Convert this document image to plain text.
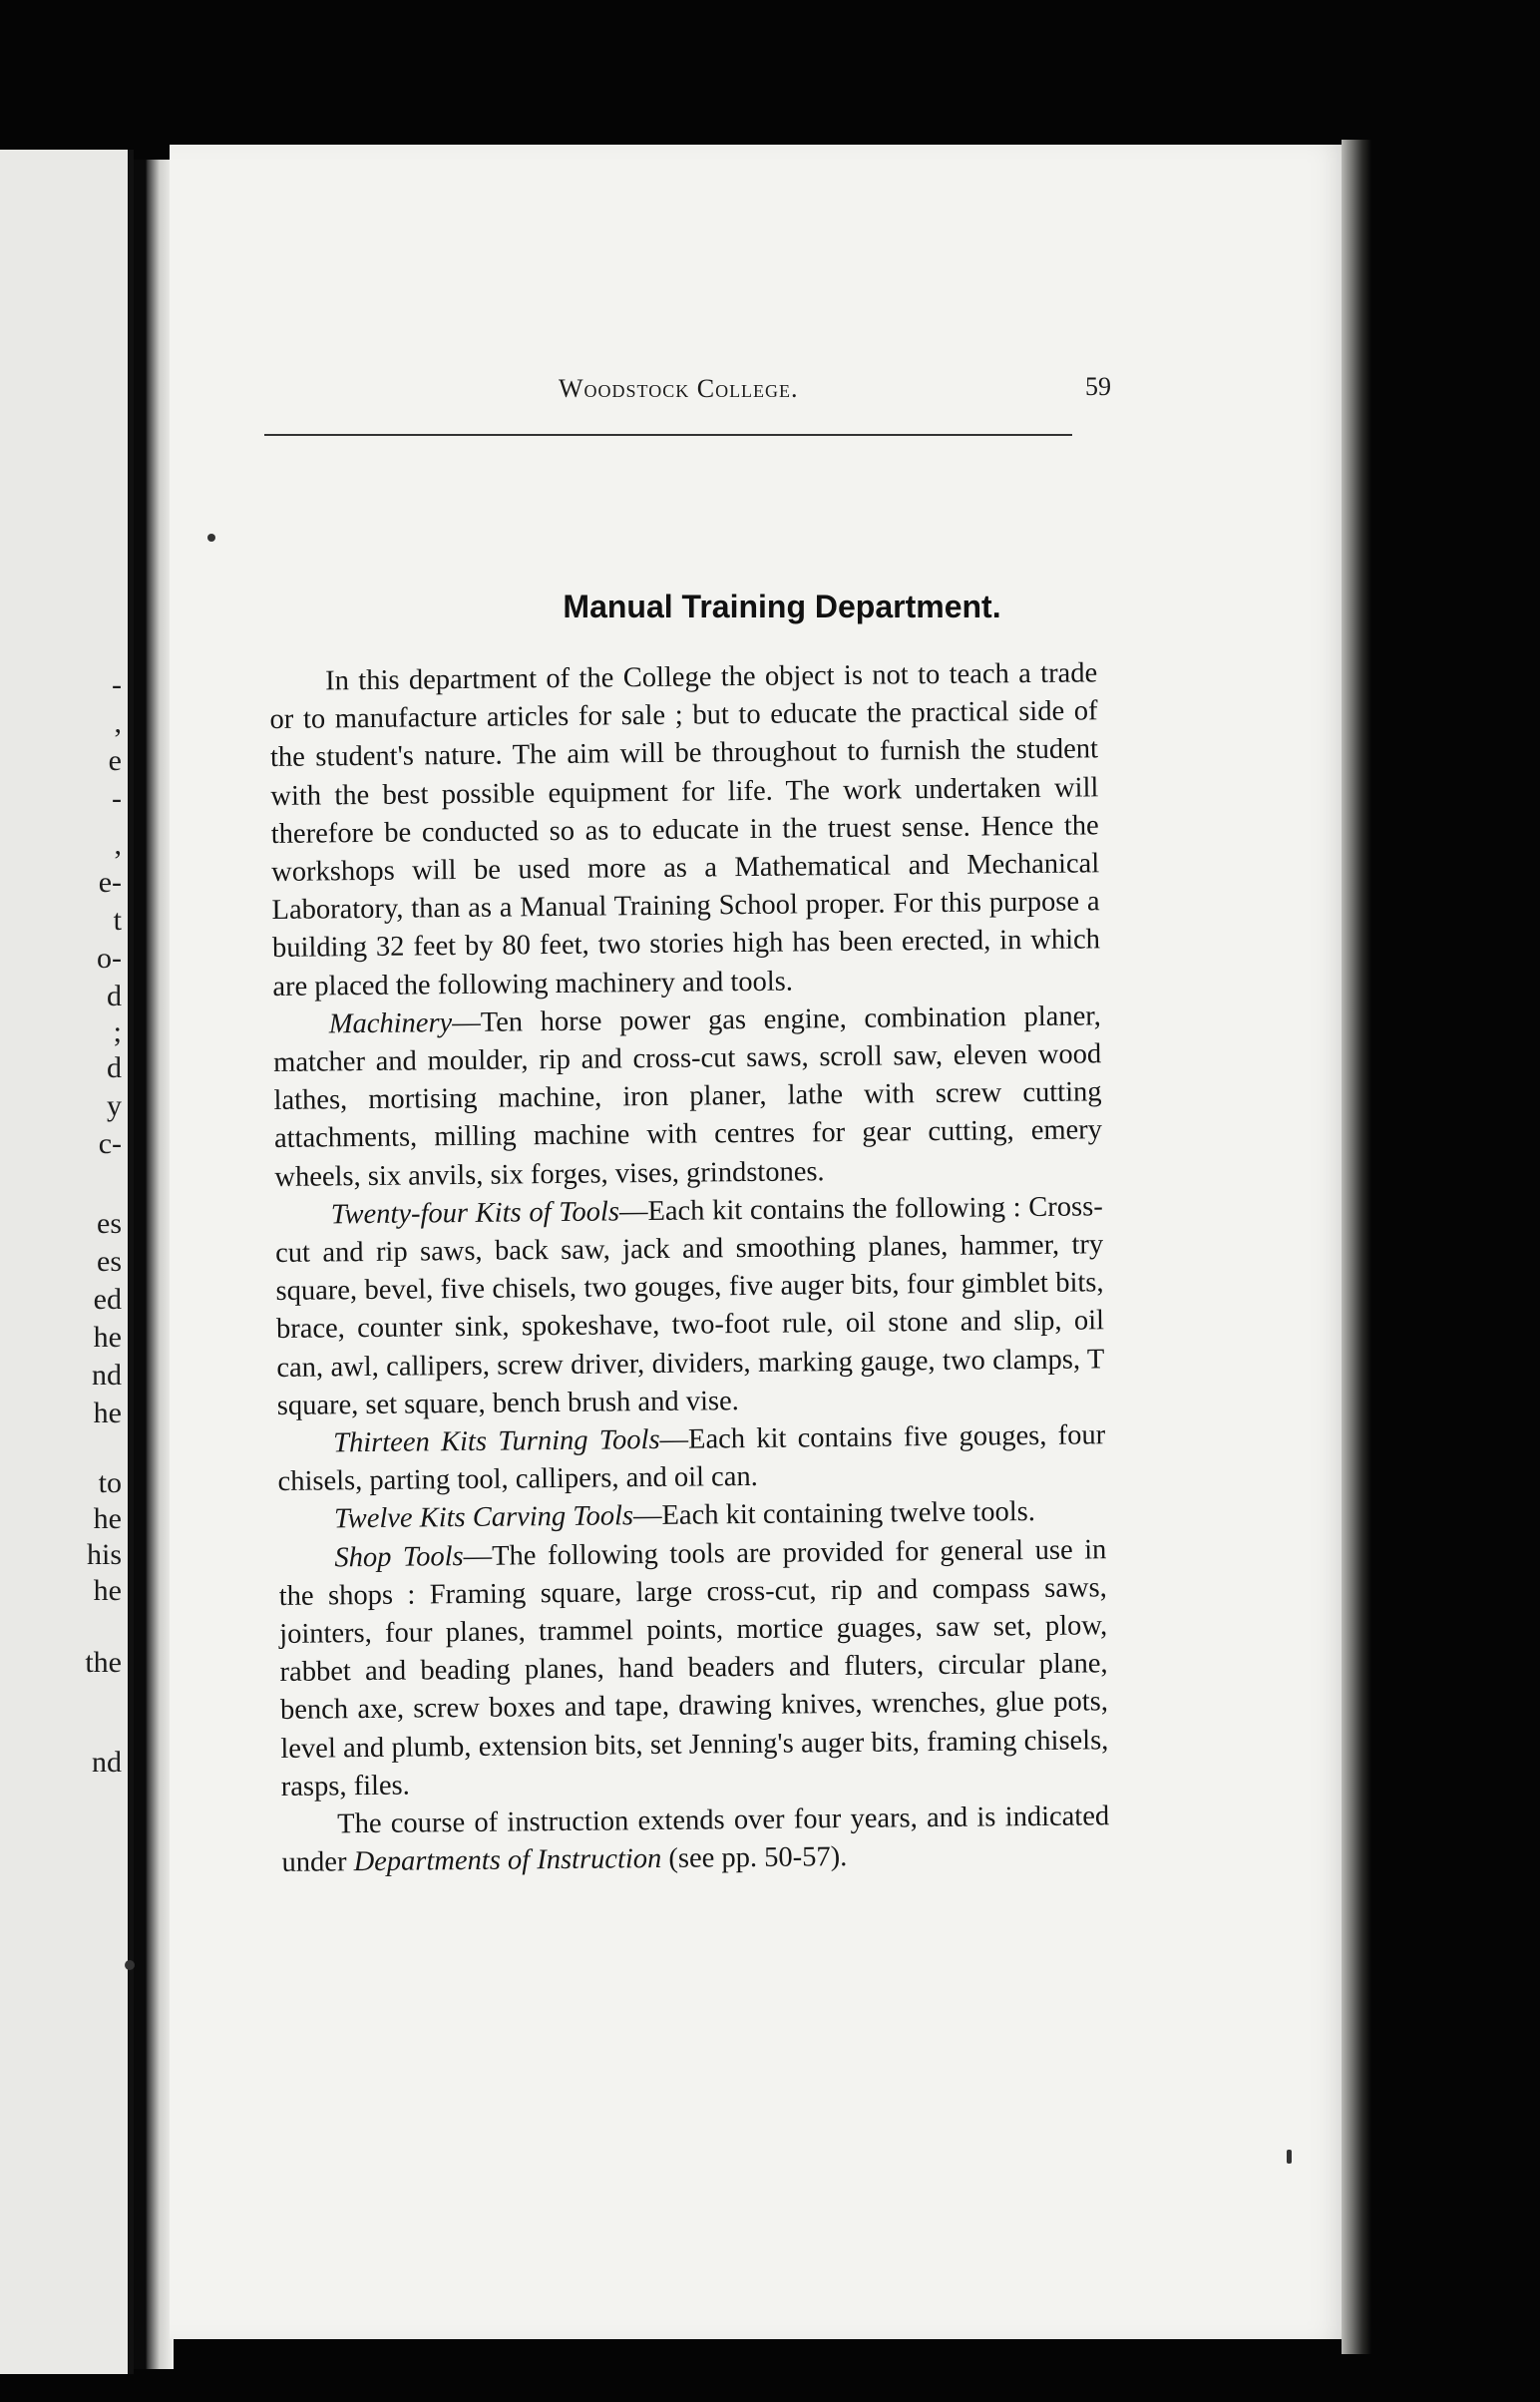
-
,
e
-
,
e-
t
o-
d
;
d
y
c-
es
es
ed
he
nd
he
to
he
his
he
the
nd
Woodstock College.	59
Manual Training Department.

In this department of the College the object is not to teach a trade or to manufacture articles for sale ; but to educate the practical side of the student's nature. The aim will be throughout to furnish the student with the best possible equipment for life. The work undertaken will therefore be conducted so as to educate in the truest sense. Hence the workshops will be used more as a Mathematical and Mechanical Laboratory, than as a Manual Training School proper. For this purpose a building 32 feet by 80 feet, two stories high has been erected, in which are placed the following machinery and tools.

Machinery—Ten horse power gas engine, combination planer, matcher and moulder, rip and cross-cut saws, scroll saw, eleven wood lathes, mortising machine, iron planer, lathe with screw cutting attachments, milling machine with centres for gear cutting, emery wheels, six anvils, six forges, vises, grindstones.

Twenty-four Kits of Tools—Each kit contains the following : Cross-cut and rip saws, back saw, jack and smoothing planes, hammer, try square, bevel, five chisels, two gouges, five auger bits, four gimblet bits, brace, counter sink, spokeshave, two-foot rule, oil stone and slip, oil can, awl, callipers, screw driver, dividers, marking gauge, two clamps, T square, set square, bench brush and vise.

Thirteen Kits Turning Tools—Each kit contains five gouges, four chisels, parting tool, callipers, and oil can.

Twelve Kits Carving Tools—Each kit containing twelve tools.

Shop Tools—The following tools are provided for general use in the shops : Framing square, large cross-cut, rip and compass saws, jointers, four planes, trammel points, mortice guages, saw set, plow, rabbet and beading planes, hand beaders and fluters, circular plane, bench axe, screw boxes and tape, drawing knives, wrenches, glue pots, level and plumb, extension bits, set Jenning's auger bits, framing chisels, rasps, files.

The course of instruction extends over four years, and is indicated under Departments of Instruction (see pp. 50-57).
